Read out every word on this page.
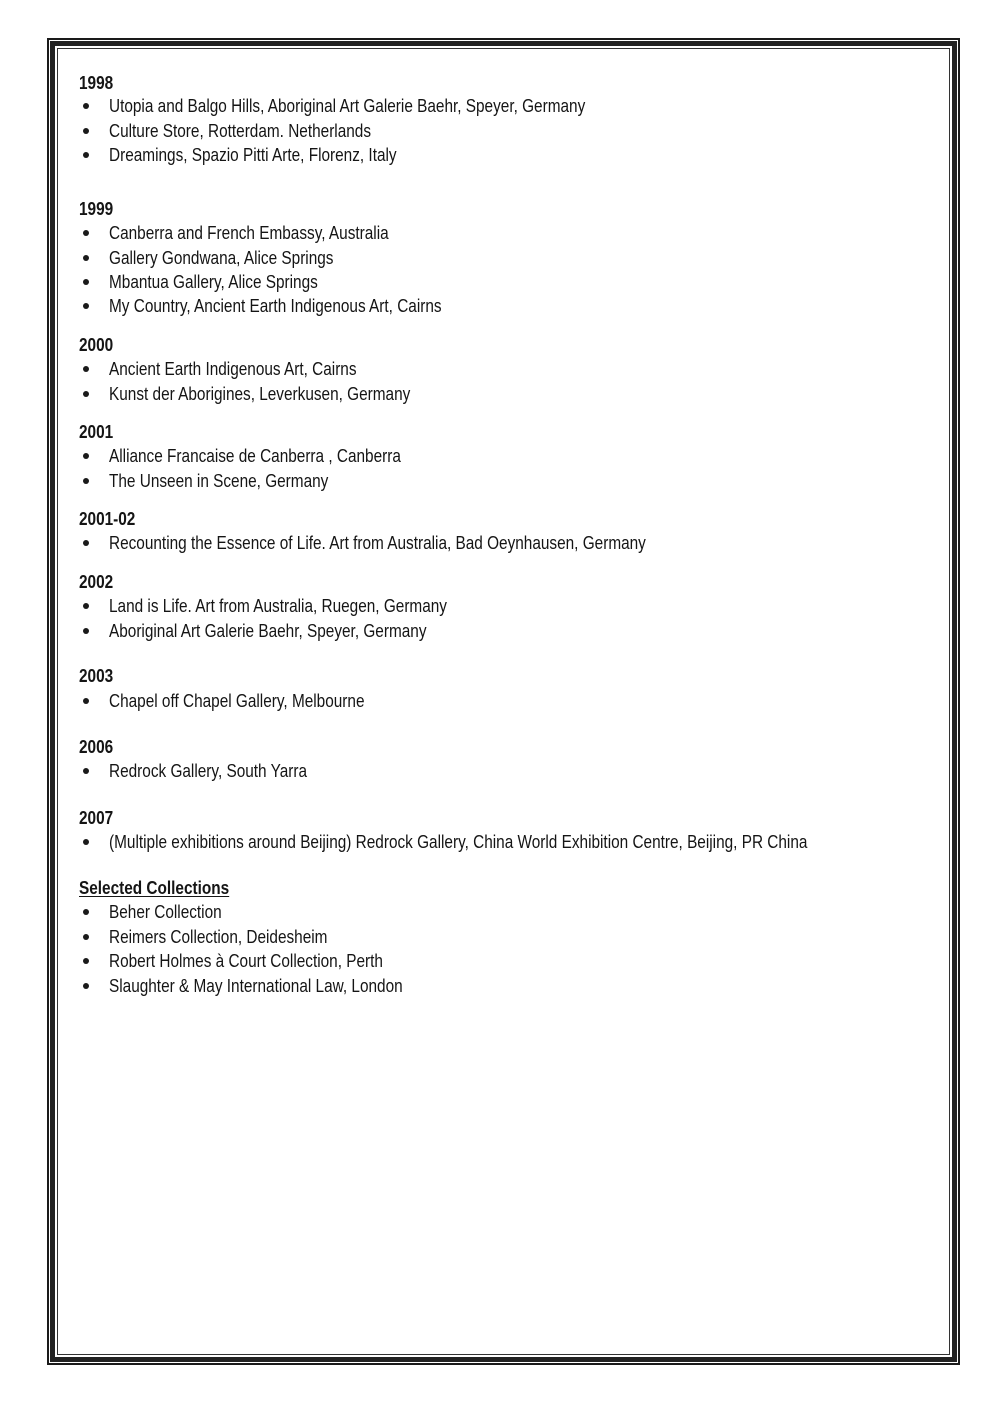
1998
Utopia and Balgo Hills, Aboriginal Art Galerie Baehr, Speyer, Germany
Culture Store, Rotterdam. Netherlands
Dreamings, Spazio Pitti Arte, Florenz, Italy
1999
Canberra and French Embassy, Australia
Gallery Gondwana, Alice Springs
Mbantua Gallery, Alice Springs
My Country, Ancient Earth Indigenous Art, Cairns
2000
Ancient Earth Indigenous Art, Cairns
Kunst der Aborigines, Leverkusen, Germany
2001
Alliance Francaise de Canberra , Canberra
The Unseen in Scene, Germany
2001-02
Recounting the Essence of Life. Art from Australia, Bad Oeynhausen, Germany
2002
Land is Life. Art from Australia, Ruegen, Germany
Aboriginal Art Galerie Baehr, Speyer, Germany
2003
Chapel off Chapel Gallery, Melbourne
2006
Redrock Gallery, South Yarra
2007
(Multiple exhibitions around Beijing) Redrock Gallery, China World Exhibition Centre, Beijing, PR China
Selected Collections
Beher Collection
Reimers Collection, Deidesheim
Robert Holmes à Court Collection, Perth
Slaughter & May International Law, London
